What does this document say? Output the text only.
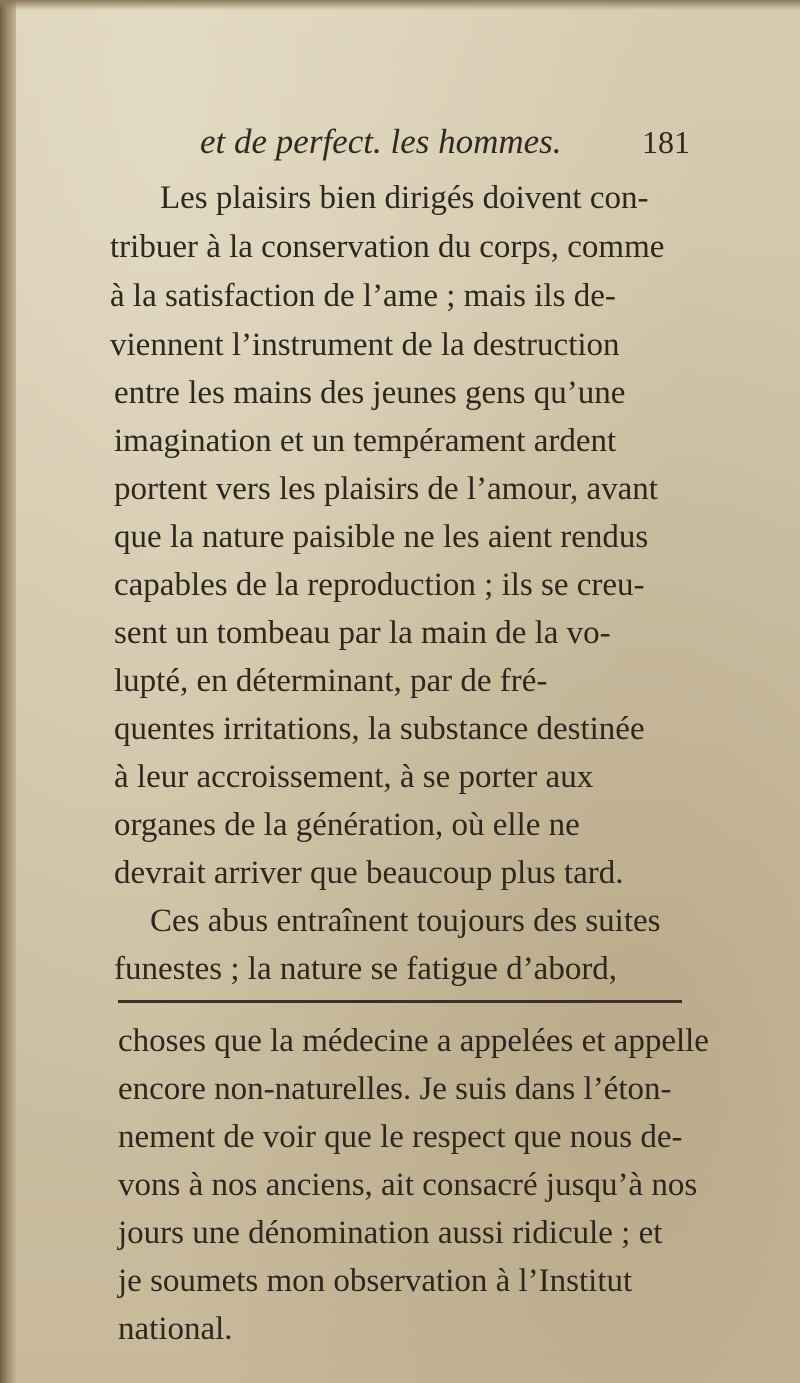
et de perfect. les hommes.	181
Les plaisirs bien dirigés doivent con-
tribuer à la conservation du corps, comme
à la satisfaction de l’ame ; mais ils de-
viennent l’instrument de la destruction
entre les mains des jeunes gens qu’une
imagination et un tempérament ardent
portent vers les plaisirs de l’amour, avant
que la nature paisible ne les aient rendus
capables de la reproduction ; ils se creu-
sent un tombeau par la main de la vo-
lupté, en déterminant, par de fré-
quentes irritations, la substance destinée
à leur accroissement, à se porter aux
organes de la génération, où elle ne
devrait arriver que beaucoup plus tard.
Ces abus entraînent toujours des suites
funestes ; la nature se fatigue d’abord,
choses que la médecine a appelées et appelle
encore non-naturelles. Je suis dans l’éton-
nement de voir que le respect que nous de-
vons à nos anciens, ait consacré jusqu’à nos
jours une dénomination aussi ridicule ; et
je soumets mon observation à l’Institut
national.
